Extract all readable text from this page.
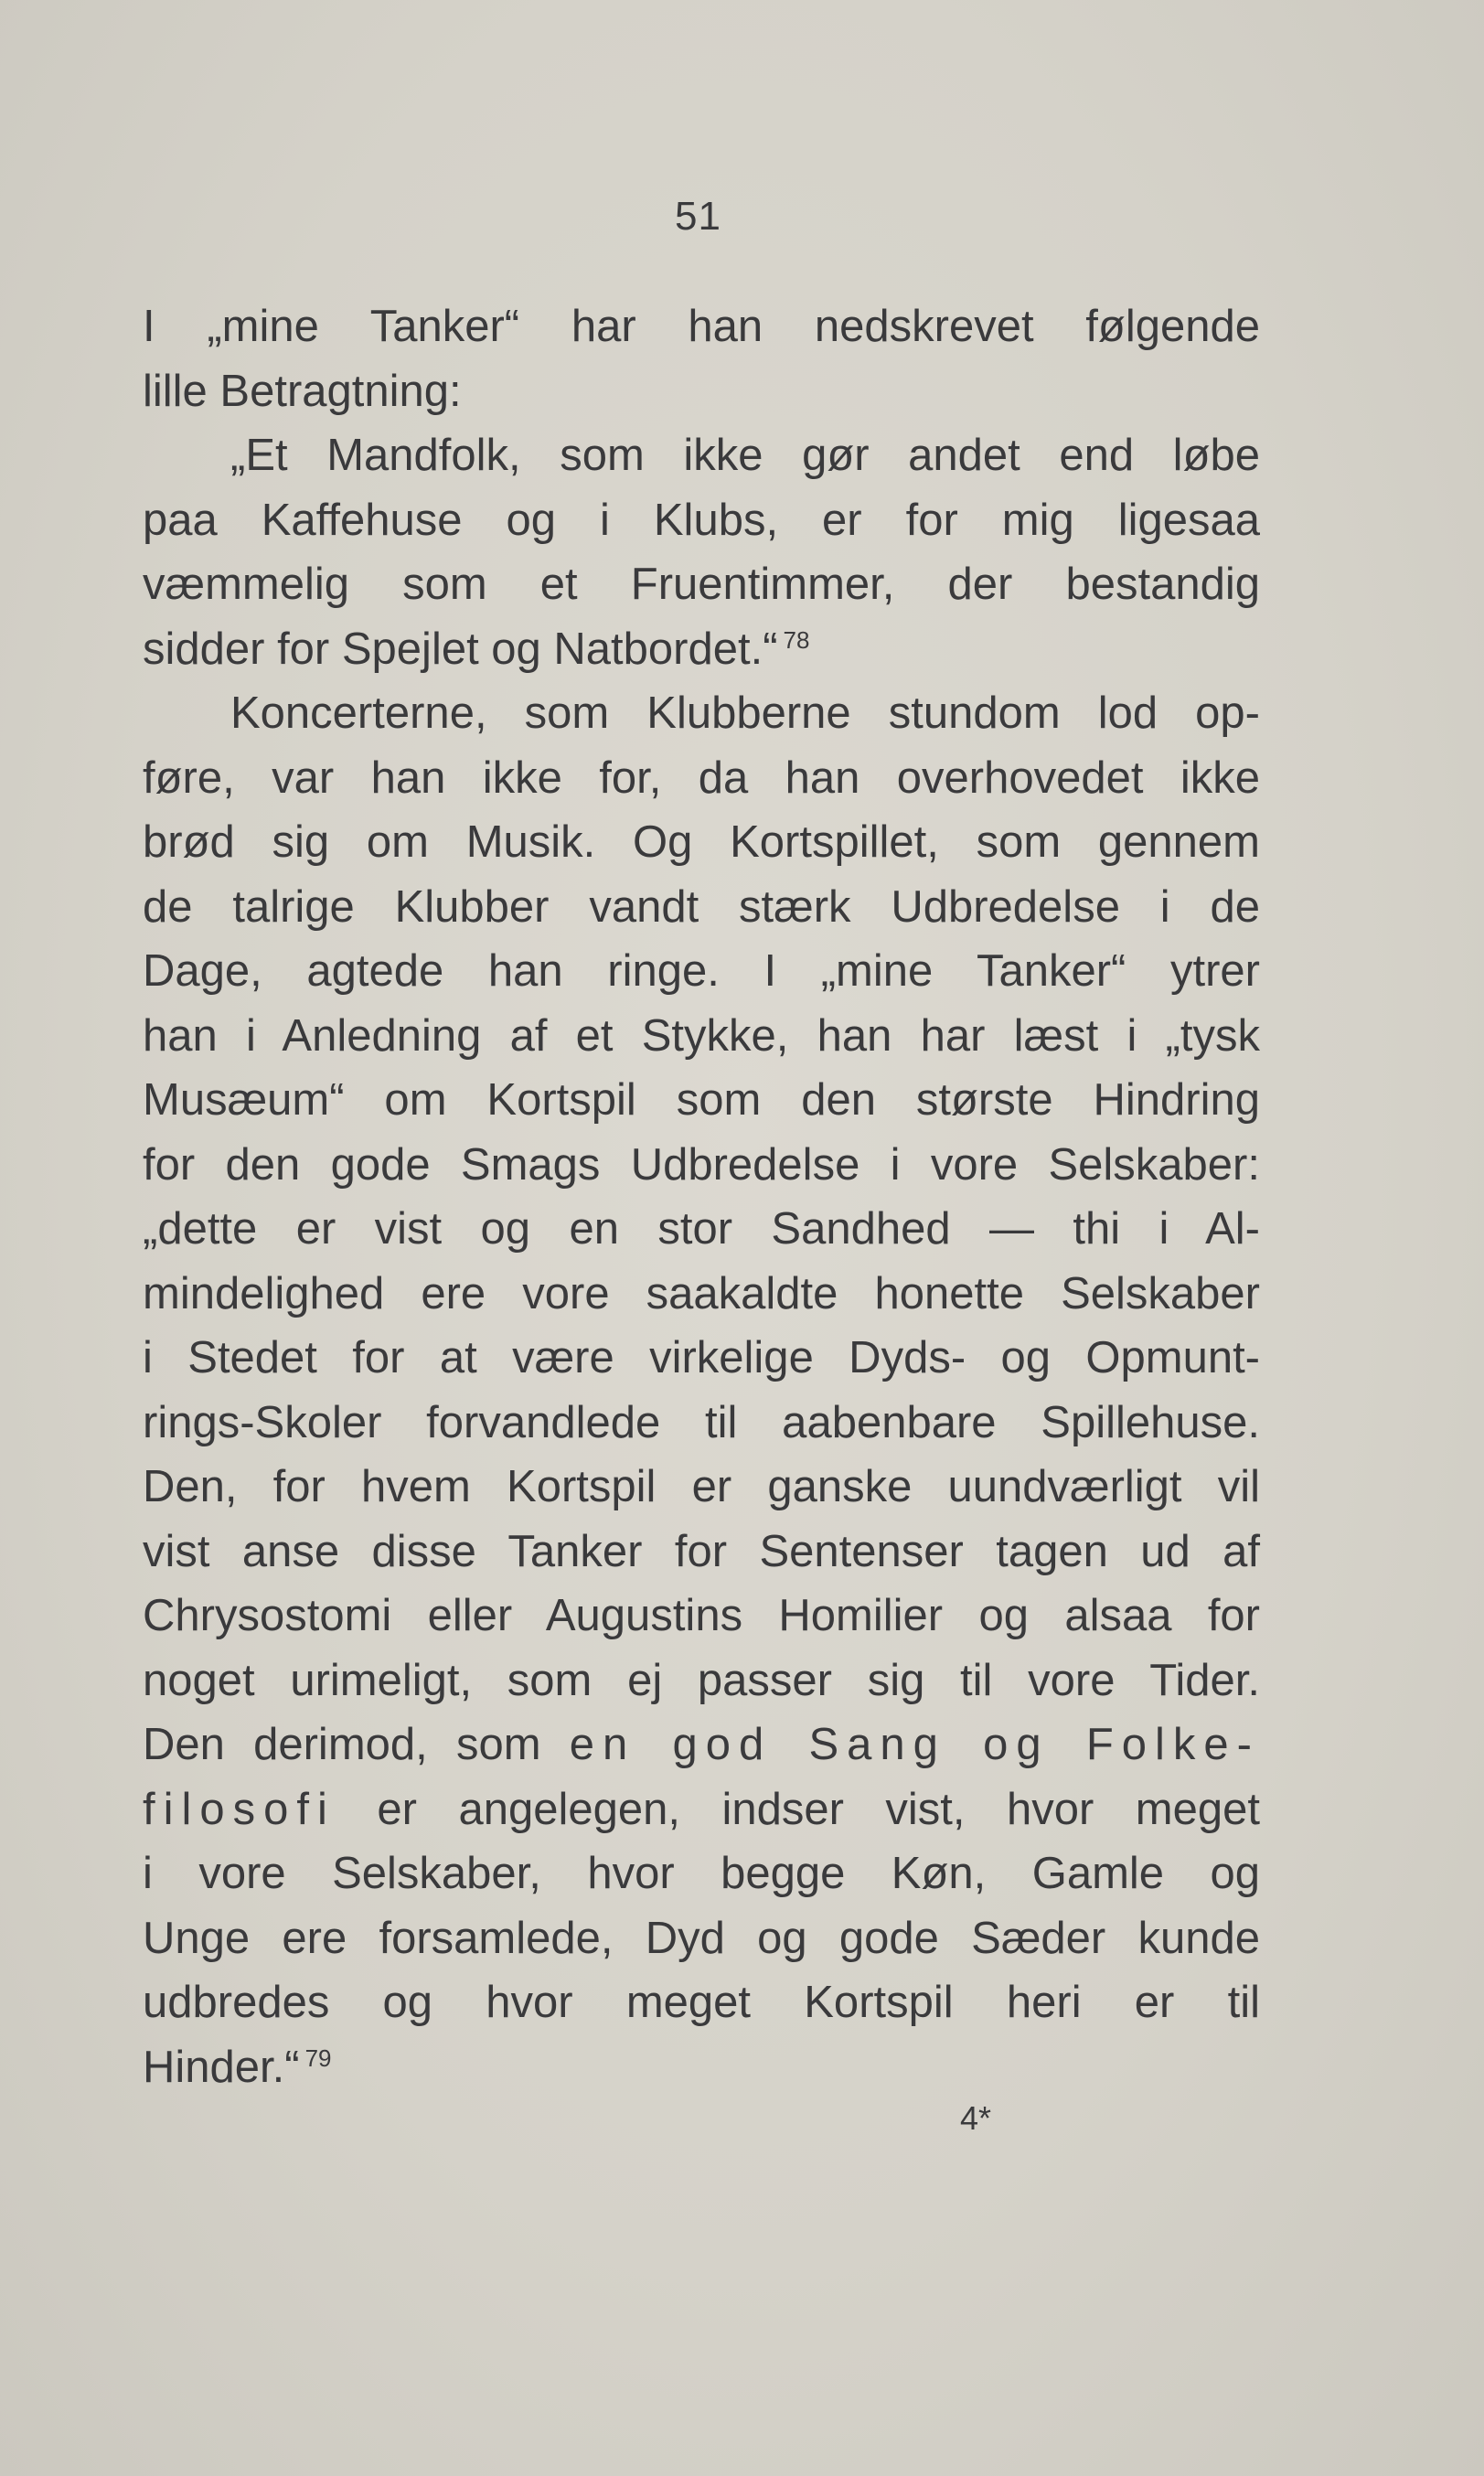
51
I „mine Tanker“ har han nedskrevet følgende
lille Betragtning:
„Et Mandfolk, som ikke gør andet end løbe
paa Kaffehuse og i Klubs, er for mig ligesaa
væmmelig som et Fruentimmer, der bestandig
sidder for Spejlet og Natbordet.“ $^{78}$
Koncerterne, som Klubberne stundom lod op-
føre, var han ikke for, da han overhovedet ikke
brød sig om Musik. Og Kortspillet, som gennem
de talrige Klubber vandt stærk Udbredelse i de
Dage, agtede han ringe. I „mine Tanker“ ytrer
han i Anledning af et Stykke, han har læst i „tysk
Musæum“ om Kortspil som den største Hindring
for den gode Smags Udbredelse i vore Selskaber:
„dette er vist og en stor Sandhed — thi i Al-
mindelighed ere vore saakaldte honette Selskaber
i Stedet for at være virkelige Dyds- og Opmunt-
rings-Skoler forvandlede til aabenbare Spillehuse.
Den, for hvem Kortspil er ganske uundværligt vil
vist anse disse Tanker for Sentenser tagen ud af
Chrysostomi eller Augustins Homilier og alsaa for
noget urimeligt, som ej passer sig til vore Tider.
Den derimod, som en god Sang og Folke-
filosofi er angelegen, indser vist, hvor meget
i vore Selskaber, hvor begge Køn, Gamle og
Unge ere forsamlede, Dyd og gode Sæder kunde
udbredes og hvor meget Kortspil heri er til
Hinder.“ $^{79}$
4*
